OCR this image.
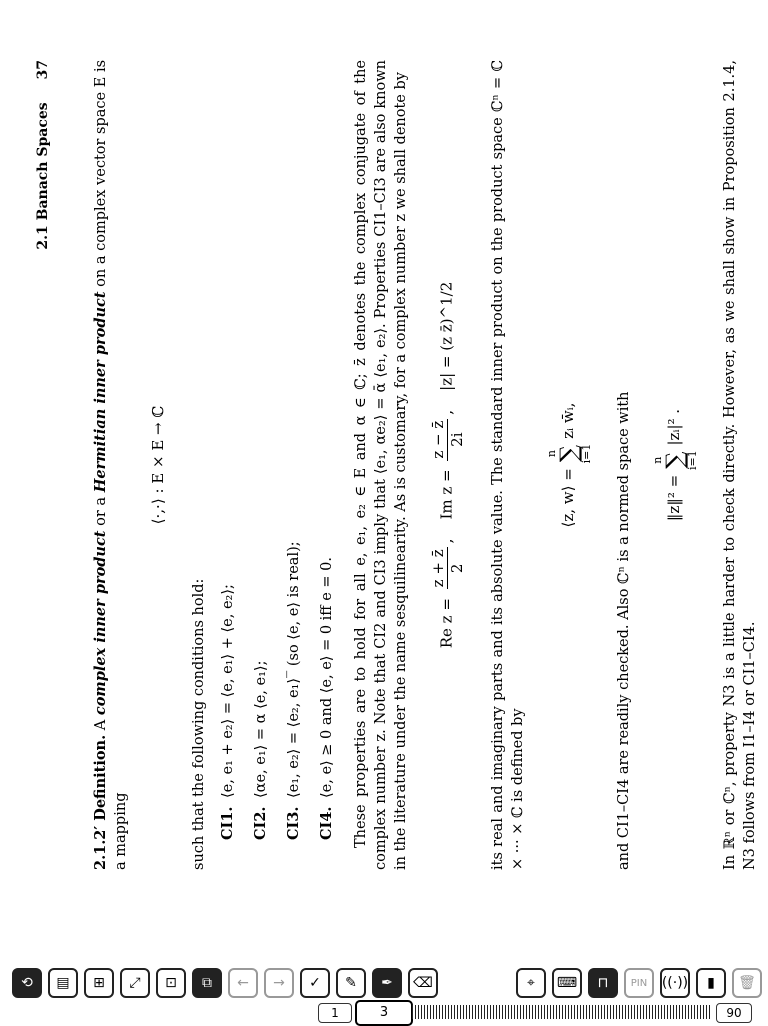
2.1 Banach Spaces 37

2.1.2′ Definition. A complex inner product or a Hermitian inner product on a complex vector space E is a mapping

⟨·,·⟩ : E × E → ℂ

such that the following conditions hold: CI1.⟨e, e₁ + e₂⟩ = ⟨e, e₁⟩ + ⟨e, e₂⟩;
CI2.⟨αe, e₁⟩ = α ⟨e, e₁⟩;
CI3.⟨e₁, e₂⟩ = ⟨e₂, e₁⟩‾ (so ⟨e, e⟩ is real);
CI4.⟨e, e⟩ ≥ 0 and ⟨e, e⟩ = 0 iff e = 0. These properties are to hold for all e, e₁, e₂ ∈ E and α ∈ ℂ; z̄ denotes the complex conjugate of the complex number z. Note that CI2 and CI3 imply that ⟨e₁, αe₂⟩ = ᾱ ⟨e₁, e₂⟩. Properties CI1–CI3 are also known in the literature under the name sesquilinearity. As is customary, for a complex number z we shall denote by	Re z =
z + z̄ 2
,    Im z =
z − z̄ 2i
,    |z| = (z z̄)^1/2	its real and imaginary parts and its absolute value. The standard inner product on the product space ℂⁿ = ℂ × ··· × ℂ is defined by

⟨z, w⟩ = n
∑
i=1 zᵢ w̄ᵢ,	and CI1–CI4 are readily checked. Also ℂⁿ is a normed space with	‖z‖² = n
∑
i=1 |zᵢ|² .	In ℝⁿ or ℂⁿ, property N3 is a little harder to check directly. However, as we shall show in Proposition 2.1.4, N3 follows from I1–I4 or CI1–CI4.

⟲	▤	⊞	⤢	⊡	⧉	←	→	✓	✎	✒	⌫	⌖	⌨	⊓	PIN	((·))	▮	🗑
1	3	90
